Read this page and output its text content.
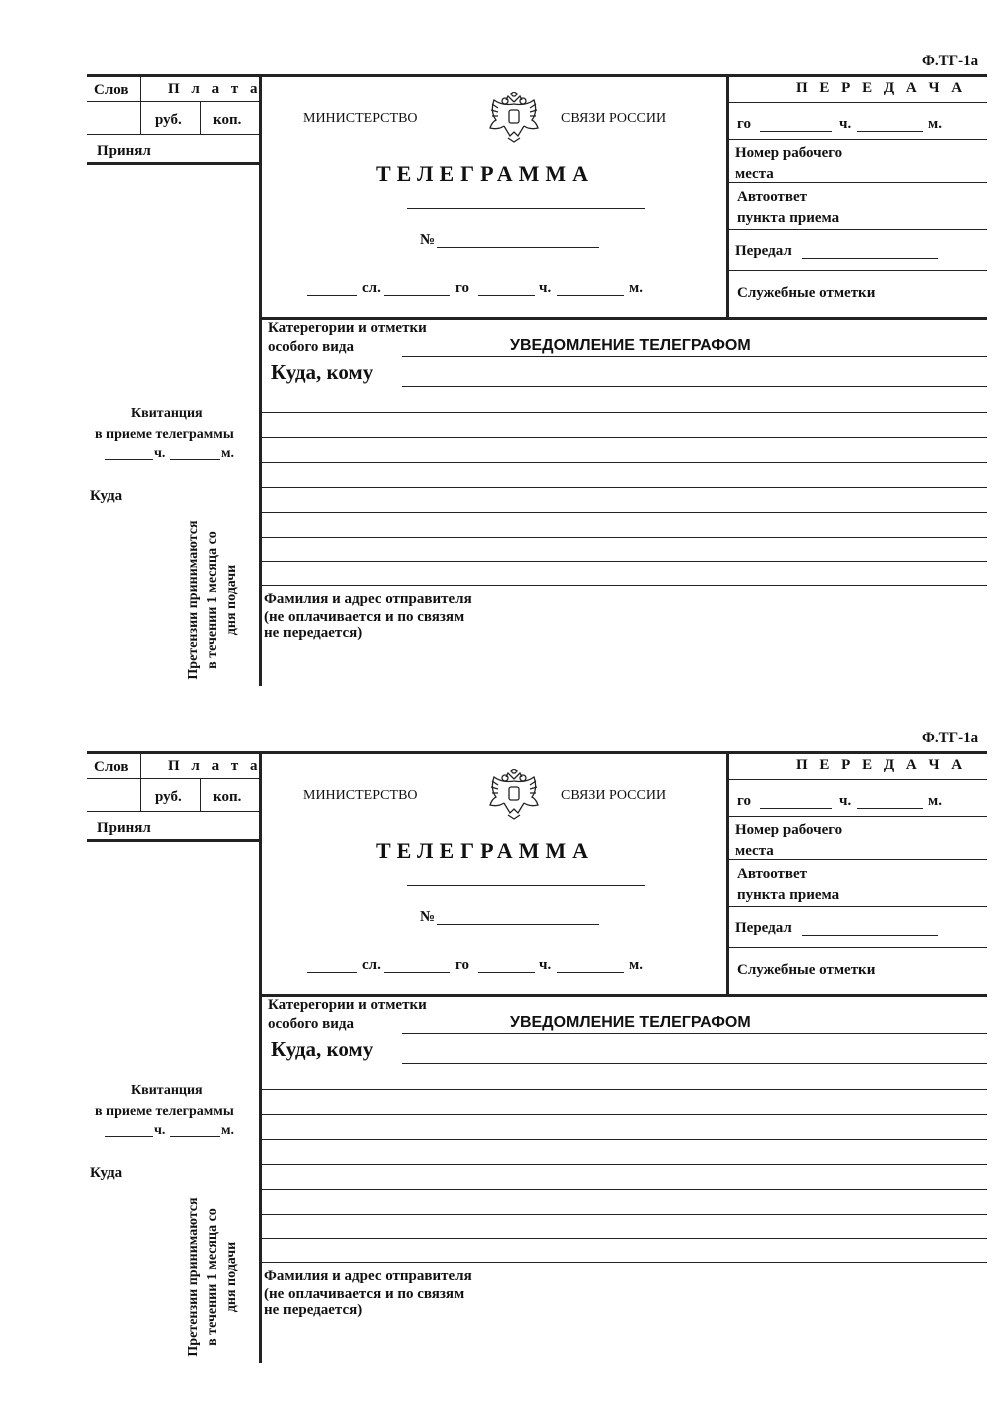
Ф.ТГ-1а
Слов	П л а т а
руб. коп.
Принял
МИНИСТЕРСТВО	СВЯЗИ РОССИИ
ТЕЛЕГРАММА
№
сл.	го	ч.	м.
П Е Р Е Д А Ч А
го	ч.	м.
Номер рабочего
места
Автоответ
пункта приема
Передал
Служебные отметки
Катерегории и отметки
особого вида	УВЕДОМЛЕНИЕ ТЕЛЕГРАФОМ
Куда, кому
Фамилия и адрес отправителя
(не оплачивается и по связям
не передается)
Квитанция
в приеме телеграммы
ч.	м.
Куда
Претензии принимаются в течении 1 месяца со дня подачи
Ф.ТГ-1а
Слов	П л а т а
руб. коп.
Принял
МИНИСТЕРСТВО	СВЯЗИ РОССИИ
ТЕЛЕГРАММА
№
сл.	го	ч.	м.
П Е Р Е Д А Ч А
го	ч.	м.
Номер рабочего
места
Автоответ
пункта приема
Передал
Служебные отметки
Катерегории и отметки
особого вида	УВЕДОМЛЕНИЕ ТЕЛЕГРАФОМ
Куда, кому
Фамилия и адрес отправителя
(не оплачивается и по связям
не передается)
Квитанция
в приеме телеграммы
ч.	м.
Куда
Претензии принимаются в течении 1 месяца со дня подачи
